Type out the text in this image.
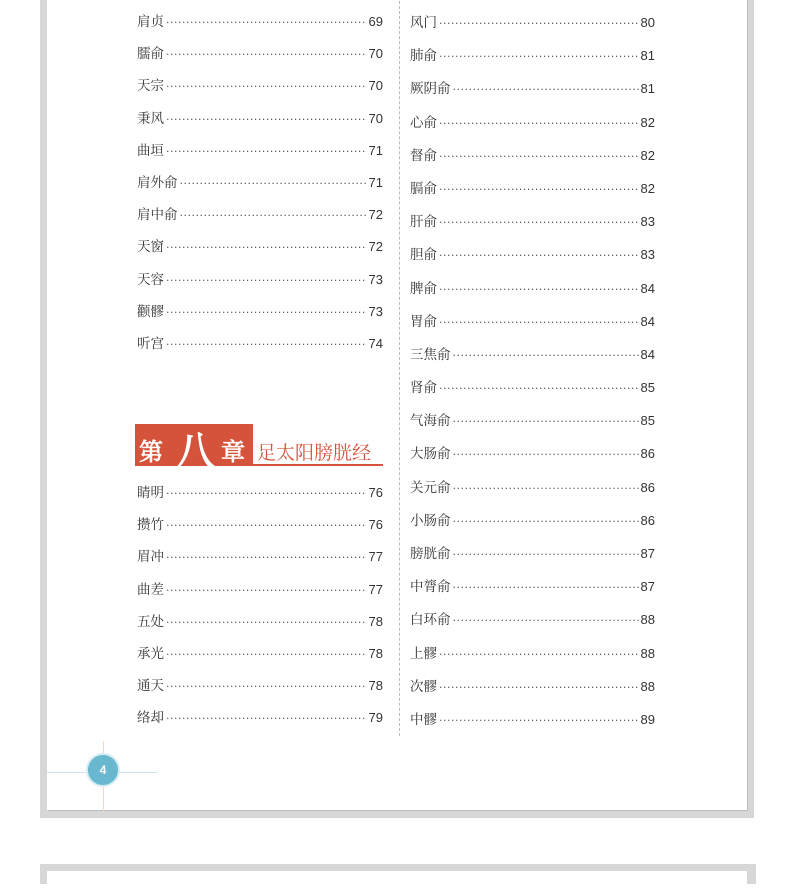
肩贞 ·····	69
臑俞 ·····	70
天宗 ·····	70
秉风 ·····	70
曲垣 ·····	71
肩外俞 ·····	71
肩中俞 ·····	72
天窗 ·····	72
天容 ·····	73
颧髎 ·····	73
听宫 ·····	74
第 八 章 足太阳膀胱经
睛明 ·····	76
攒竹 ·····	76
眉冲 ·····	77
曲差 ·····	77
五处 ·····	78
承光 ·····	78
通天 ·····	78
络却 ·····	79
风门 ·····	80
肺俞 ·····	81
厥阴俞 ·····	81
心俞 ·····	82
督俞 ·····	82
膈俞 ·····	82
肝俞 ·····	83
胆俞 ·····	83
脾俞 ·····	84
胃俞 ·····	84
三焦俞 ·····	84
肾俞 ·····	85
气海俞 ·····	85
大肠俞 ·····	86
关元俞 ·····	86
小肠俞 ·····	86
膀胱俞 ·····	87
中膂俞 ·····	87
白环俞 ·····	88
上髎 ·····	88
次髎 ·····	88
中髎 ·····	89
4
